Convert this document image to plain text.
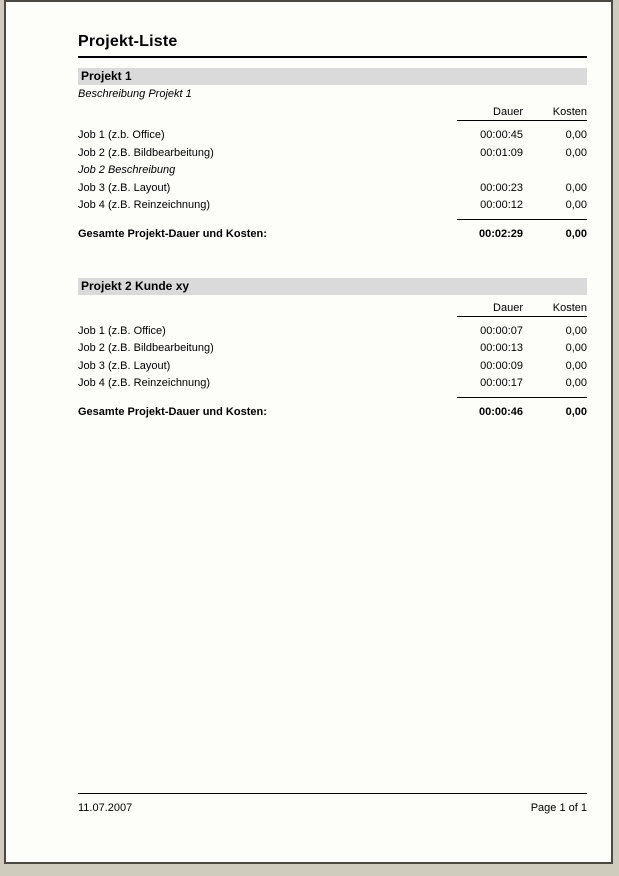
Projekt-Liste
Projekt 1
Beschreibung Projekt 1
Dauer	Kosten
Job 1 (z.b. Office)	00:00:45	0,00
Job 2 (z.B. Bildbearbeitung)	00:01:09	0,00
Job 2 Beschreibung
Job 3 (z.B. Layout)	00:00:23	0,00
Job 4 (z.B. Reinzeichnung)	00:00:12	0,00
Gesamte Projekt-Dauer und Kosten:	00:02:29	0,00
Projekt 2 Kunde xy
Dauer	Kosten
Job 1 (z.B. Office)	00:00:07	0,00
Job 2 (z.B. Bildbearbeitung)	00:00:13	0,00
Job 3 (z.B. Layout)	00:00:09	0,00
Job 4 (z.B. Reinzeichnung)	00:00:17	0,00
Gesamte Projekt-Dauer und Kosten:	00:00:46	0,00
11.07.2007	Page 1 of 1
